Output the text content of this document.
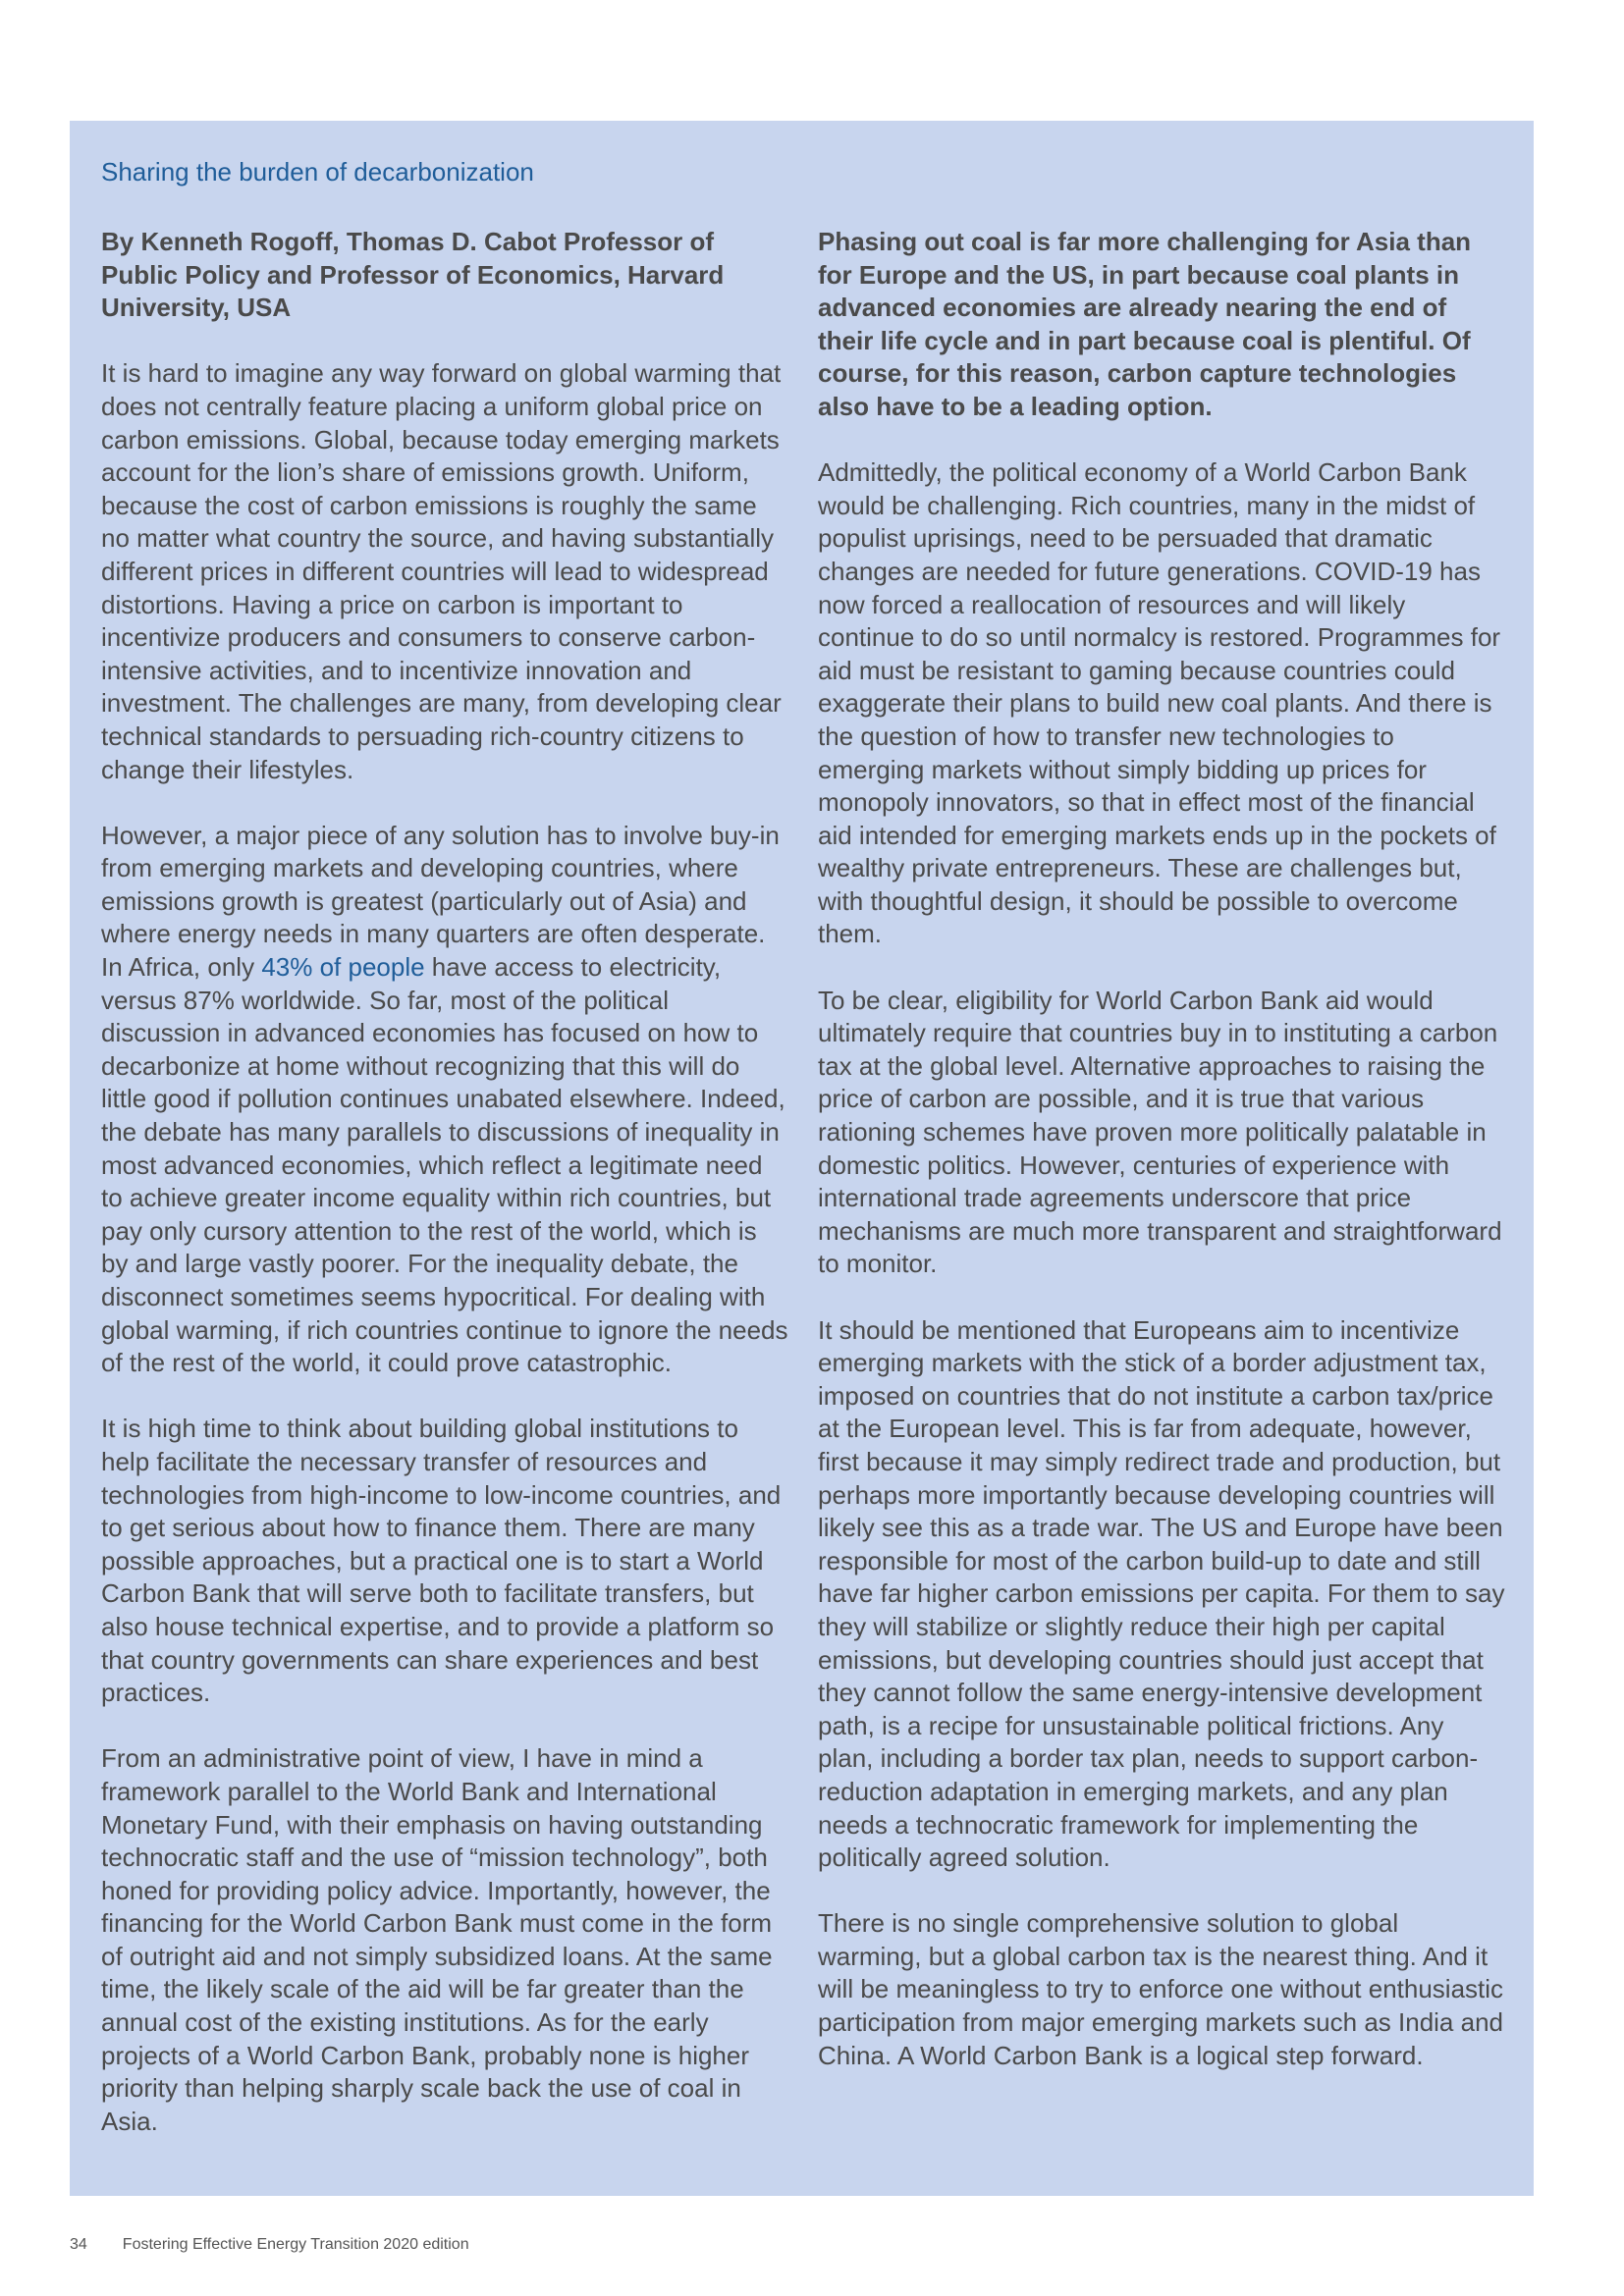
Sharing the burden of decarbonization

By Kenneth Rogoff, Thomas D. Cabot Professor of Public Policy and Professor of Economics, Harvard University, USA

It is hard to imagine any way forward on global warming that does not centrally feature placing a uniform global price on carbon emissions. Global, because today emerging markets account for the lion’s share of emissions growth. Uniform, because the cost of carbon emissions is roughly the same no matter what country the source, and having substantially different prices in different countries will lead to widespread distortions. Having a price on carbon is important to incentivize producers and consumers to conserve carbon-intensive activities, and to incentivize innovation and investment. The challenges are many, from developing clear technical standards to persuading rich-country citizens to change their lifestyles.

However, a major piece of any solution has to involve buy-in from emerging markets and developing countries, where emissions growth is greatest (particularly out of Asia) and where energy needs in many quarters are often desperate. In Africa, only 43% of people have access to electricity, versus 87% worldwide. So far, most of the political discussion in advanced economies has focused on how to decarbonize at home without recognizing that this will do little good if pollution continues unabated elsewhere. Indeed, the debate has many parallels to discussions of inequality in most advanced economies, which reflect a legitimate need to achieve greater income equality within rich countries, but pay only cursory attention to the rest of the world, which is by and large vastly poorer. For the inequality debate, the disconnect sometimes seems hypocritical. For dealing with global warming, if rich countries continue to ignore the needs of the rest of the world, it could prove catastrophic.

It is high time to think about building global institutions to help facilitate the necessary transfer of resources and technologies from high-income to low-income countries, and to get serious about how to finance them. There are many possible approaches, but a practical one is to start a World Carbon Bank that will serve both to facilitate transfers, but also house technical expertise, and to provide a platform so that country governments can share experiences and best practices.

From an administrative point of view, I have in mind a framework parallel to the World Bank and International Monetary Fund, with their emphasis on having outstanding technocratic staff and the use of “mission technology”, both honed for providing policy advice. Importantly, however, the financing for the World Carbon Bank must come in the form of outright aid and not simply subsidized loans. At the same time, the likely scale of the aid will be far greater than the annual cost of the existing institutions. As for the early projects of a World Carbon Bank, probably none is higher priority than helping sharply scale back the use of coal in Asia.

Phasing out coal is far more challenging for Asia than for Europe and the US, in part because coal plants in advanced economies are already nearing the end of their life cycle and in part because coal is plentiful. Of course, for this reason, carbon capture technologies also have to be a leading option.

Admittedly, the political economy of a World Carbon Bank would be challenging. Rich countries, many in the midst of populist uprisings, need to be persuaded that dramatic changes are needed for future generations. COVID-19 has now forced a reallocation of resources and will likely continue to do so until normalcy is restored. Programmes for aid must be resistant to gaming because countries could exaggerate their plans to build new coal plants. And there is the question of how to transfer new technologies to emerging markets without simply bidding up prices for monopoly innovators, so that in effect most of the financial aid intended for emerging markets ends up in the pockets of wealthy private entrepreneurs. These are challenges but, with thoughtful design, it should be possible to overcome them.

To be clear, eligibility for World Carbon Bank aid would ultimately require that countries buy in to instituting a carbon tax at the global level. Alternative approaches to raising the price of carbon are possible, and it is true that various rationing schemes have proven more politically palatable in domestic politics. However, centuries of experience with international trade agreements underscore that price mechanisms are much more transparent and straightforward to monitor.

It should be mentioned that Europeans aim to incentivize emerging markets with the stick of a border adjustment tax, imposed on countries that do not institute a carbon tax/price at the European level. This is far from adequate, however, first because it may simply redirect trade and production, but perhaps more importantly because developing countries will likely see this as a trade war. The US and Europe have been responsible for most of the carbon build-up to date and still have far higher carbon emissions per capita. For them to say they will stabilize or slightly reduce their high per capital emissions, but developing countries should just accept that they cannot follow the same energy-intensive development path, is a recipe for unsustainable political frictions. Any plan, including a border tax plan, needs to support carbon-reduction adaptation in emerging markets, and any plan needs a technocratic framework for implementing the politically agreed solution.

There is no single comprehensive solution to global warming, but a global carbon tax is the nearest thing. And it will be meaningless to try to enforce one without enthusiastic participation from major emerging markets such as India and China. A World Carbon Bank is a logical step forward.

34 Fostering Effective Energy Transition 2020 edition
